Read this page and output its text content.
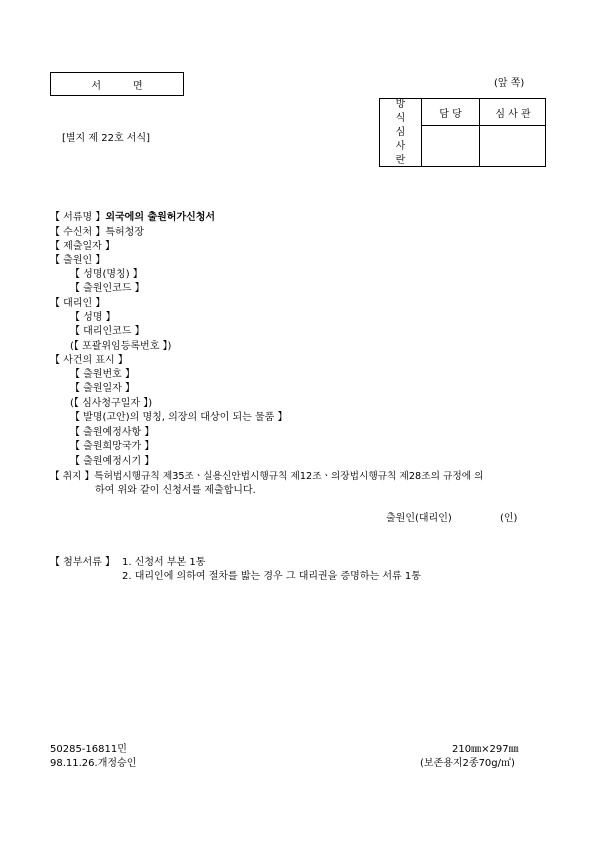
서면	(앞 쪽)
[별지 제 22호 서식]
방
식
심
사
란
담 당	심 사 관
【 서류명 】외국에의 출원허가신청서
【 수신처 】특허청장
【 제출일자 】
【 출원인 】
【 성명(명칭) 】
【 출원인코드 】
【 대리인 】
【 성명 】
【 대리인코드 】
(【 포괄위임등록번호 】)
【 사건의 표시 】
【 출원번호 】
【 출원일자 】
(【 심사청구일자 】)
【 발명(고안)의 명칭, 의장의 대상이 되는 물품 】
【 출원예정사항 】
【 출원희망국가 】
【 출원예정시기 】
【 취지 】특허법시행규칙 제35조ㆍ실용신안법시행규칙 제12조ㆍ의장법시행규칙 제28조의 규정에 의
하여 위와 같이 신청서를 제출합니다.
출원인(대리인)	(인)
【 첨부서류 】 1. 신청서 부본 1통
2. 대리인에 의하여 절차를 밟는 경우 그 대리권을 증명하는 서류 1통
50285-16811민
98.11.26.개정승인
210㎜×297㎜
(보존용지2종70g/㎡)
